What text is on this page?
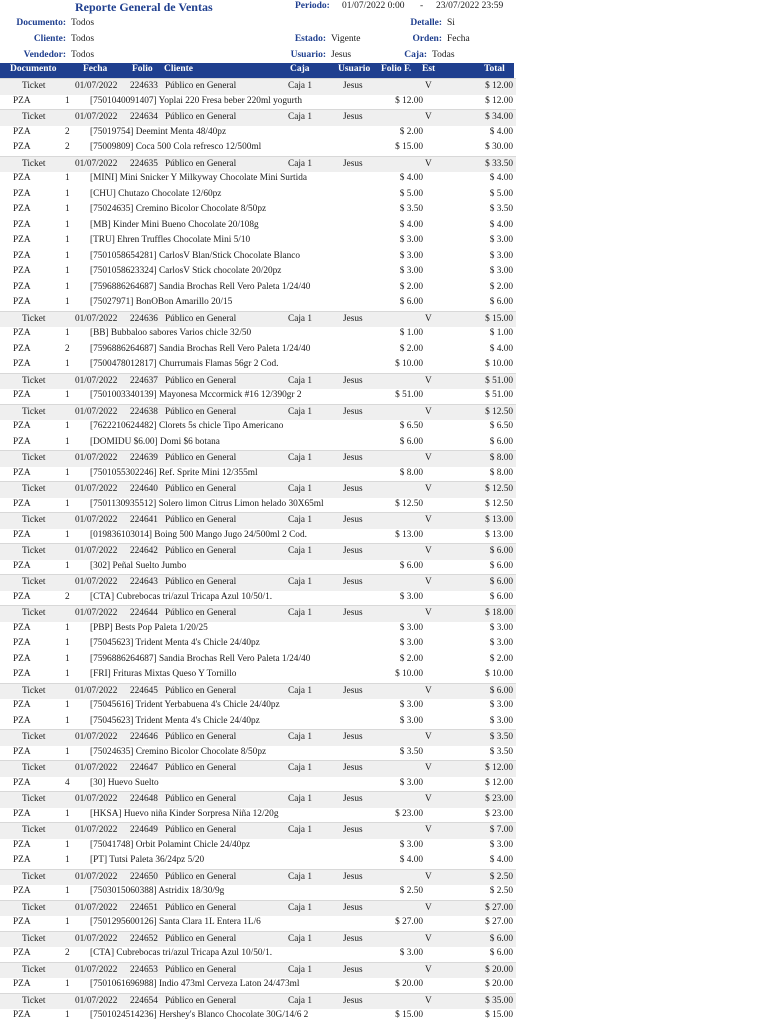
Reporte General de Ventas	Periodo: 01/07/2022 0:00 - 23/07/2022 23:59
Documento: Todos
Cliente: Todos
Vendedor: Todos
Estado: Vigente
Usuario: Jesus
Detalle: Si
Orden: Fecha
Caja: Todas
Documento	Fecha	Folio Cliente	Caja	Usuario Folio F. Est	Total
Ticket	01/07/2022 224633 Público en General	Caja 1	Jesus	V	$ 12.00
PZA	1 [7501040091407] Yoplai 220 Fresa beber 220ml yogurth	$ 12.00	$ 12.00
Ticket	01/07/2022 224634 Público en General	Caja 1	Jesus	V	$ 34.00
PZA	2 [75019754] Deemint Menta 48/40pz	$ 2.00	$ 4.00
PZA	2 [75009809] Coca 500 Cola refresco 12/500ml	$ 15.00	$ 30.00
Ticket	01/07/2022 224635 Público en General	Caja 1	Jesus	V	$ 33.50
PZA	1 [MINI] Mini Snicker Y Milkyway Chocolate Mini Surtida	$ 4.00	$ 4.00
PZA	1 [CHU] Chutazo Chocolate 12/60pz	$ 5.00	$ 5.00
PZA	1 [75024635] Cremino Bicolor Chocolate 8/50pz	$ 3.50	$ 3.50
PZA	1 [MB] Kinder Mini Bueno Chocolate 20/108g	$ 4.00	$ 4.00
PZA	1 [TRU] Ehren Truffles Chocolate Mini 5/10	$ 3.00	$ 3.00
PZA	1 [7501058654281] CarlosV Blan/Stick Chocolate Blanco	$ 3.00	$ 3.00
PZA	1 [7501058623324] CarlosV Stick chocolate 20/20pz	$ 3.00	$ 3.00
PZA	1 [7596886264687] Sandia Brochas Rell Vero Paleta 1/24/40	$ 2.00	$ 2.00
PZA	1 [75027971] BonOBon Amarillo 20/15	$ 6.00	$ 6.00
Ticket	01/07/2022 224636 Público en General	Caja 1	Jesus	V	$ 15.00
PZA	1 [BB] Bubbaloo sabores Varios chicle 32/50	$ 1.00	$ 1.00
PZA	2 [7596886264687] Sandia Brochas Rell Vero Paleta 1/24/40	$ 2.00	$ 4.00
PZA	1 [7500478012817] Churrumais Flamas 56gr 2 Cod.	$ 10.00	$ 10.00
Ticket	01/07/2022 224637 Público en General	Caja 1	Jesus	V	$ 51.00
PZA	1 [7501003340139] Mayonesa Mccormick #16 12/390gr 2	$ 51.00	$ 51.00
Ticket	01/07/2022 224638 Público en General	Caja 1	Jesus	V	$ 12.50
PZA	1 [7622210624482] Clorets 5s chicle Tipo Americano	$ 6.50	$ 6.50
PZA	1 [DOMIDU $6.00] Domi $6 botana	$ 6.00	$ 6.00
Ticket	01/07/2022 224639 Público en General	Caja 1	Jesus	V	$ 8.00
PZA	1 [7501055302246] Ref. Sprite Mini 12/355ml	$ 8.00	$ 8.00
Ticket	01/07/2022 224640 Público en General	Caja 1	Jesus	V	$ 12.50
PZA	1 [7501130935512] Solero limon Citrus Limon helado 30X65ml	$ 12.50	$ 12.50
Ticket	01/07/2022 224641 Público en General	Caja 1	Jesus	V	$ 13.00
PZA	1 [019836103014] Boing 500 Mango Jugo 24/500ml 2 Cod.	$ 13.00	$ 13.00
Ticket	01/07/2022 224642 Público en General	Caja 1	Jesus	V	$ 6.00
PZA	1 [302] Peñal Suelto Jumbo	$ 6.00	$ 6.00
Ticket	01/07/2022 224643 Público en General	Caja 1	Jesus	V	$ 6.00
PZA	2 [CTA] Cubrebocas tri/azul Tricapa Azul 10/50/1.	$ 3.00	$ 6.00
Ticket	01/07/2022 224644 Público en General	Caja 1	Jesus	V	$ 18.00
PZA	1 [PBP] Bests Pop Paleta 1/20/25	$ 3.00	$ 3.00
PZA	1 [75045623] Trident Menta 4's Chicle 24/40pz	$ 3.00	$ 3.00
PZA	1 [7596886264687] Sandia Brochas Rell Vero Paleta 1/24/40	$ 2.00	$ 2.00
PZA	1 [FRI] Frituras Mixtas Queso Y Tornillo	$ 10.00	$ 10.00
Ticket	01/07/2022 224645 Público en General	Caja 1	Jesus	V	$ 6.00
PZA	1 [75045616] Trident Yerbabuena 4's Chicle 24/40pz	$ 3.00	$ 3.00
PZA	1 [75045623] Trident Menta 4's Chicle 24/40pz	$ 3.00	$ 3.00
Ticket	01/07/2022 224646 Público en General	Caja 1	Jesus	V	$ 3.50
PZA	1 [75024635] Cremino Bicolor Chocolate 8/50pz	$ 3.50	$ 3.50
Ticket	01/07/2022 224647 Público en General	Caja 1	Jesus	V	$ 12.00
PZA	4 [30] Huevo Suelto	$ 3.00	$ 12.00
Ticket	01/07/2022 224648 Público en General	Caja 1	Jesus	V	$ 23.00
PZA	1 [HKSA] Huevo niña Kinder Sorpresa Niña 12/20g	$ 23.00	$ 23.00
Ticket	01/07/2022 224649 Público en General	Caja 1	Jesus	V	$ 7.00
PZA	1 [75041748] Orbit Polamint Chicle 24/40pz	$ 3.00	$ 3.00
PZA	1 [PT] Tutsi Paleta 36/24pz 5/20	$ 4.00	$ 4.00
Ticket	01/07/2022 224650 Público en General	Caja 1	Jesus	V	$ 2.50
PZA	1 [7503015060388] Astridix 18/30/9g	$ 2.50	$ 2.50
Ticket	01/07/2022 224651 Público en General	Caja 1	Jesus	V	$ 27.00
PZA	1 [7501295600126] Santa Clara 1L Entera 1L/6	$ 27.00	$ 27.00
Ticket	01/07/2022 224652 Público en General	Caja 1	Jesus	V	$ 6.00
PZA	2 [CTA] Cubrebocas tri/azul Tricapa Azul 10/50/1.	$ 3.00	$ 6.00
Ticket	01/07/2022 224653 Público en General	Caja 1	Jesus	V	$ 20.00
PZA	1 [7501061696988] Indio 473ml Cerveza Laton 24/473ml	$ 20.00	$ 20.00
Ticket	01/07/2022 224654 Público en General	Caja 1	Jesus	V	$ 35.00
PZA	1 [7501024514236] Hershey's Blanco Chocolate 30G/14/6 2	$ 15.00	$ 15.00
